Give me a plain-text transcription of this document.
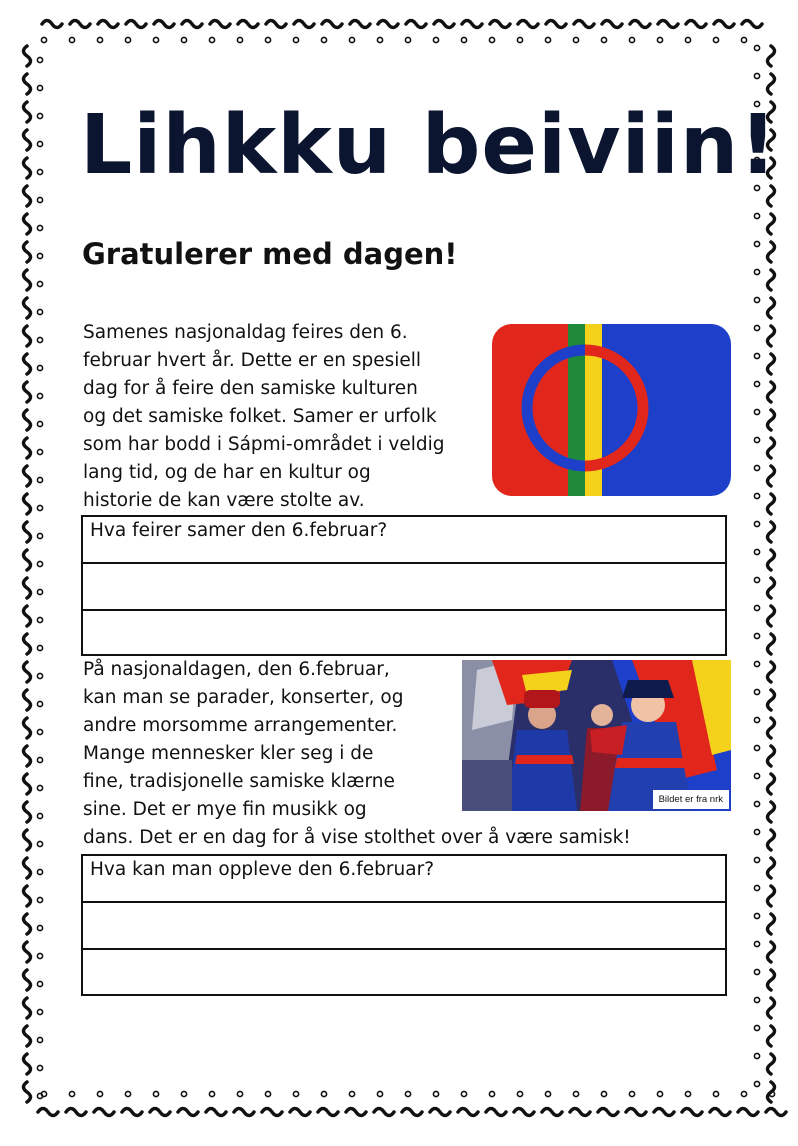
Lihkku beiviin!
Gratulerer med dagen!
Samenes nasjonaldag feires den 6.
februar hvert år. Dette er en spesiell
dag for å feire den samiske kulturen
og det samiske folket. Samer er urfolk
som har bodd i Sápmi-området i veldig
lang tid, og de har en kultur og
historie de kan være stolte av.
Hva feirer samer den 6.februar?
På nasjonaldagen, den 6.februar,
kan man se parader, konserter, og
andre morsomme arrangementer.
Mange mennesker kler seg i de
fine, tradisjonelle samiske klærne
sine. Det er mye fin musikk og
dans. Det er en dag for å vise stolthet over å være samisk!
Bildet er fra nrk
Hva kan man oppleve den 6.februar?
